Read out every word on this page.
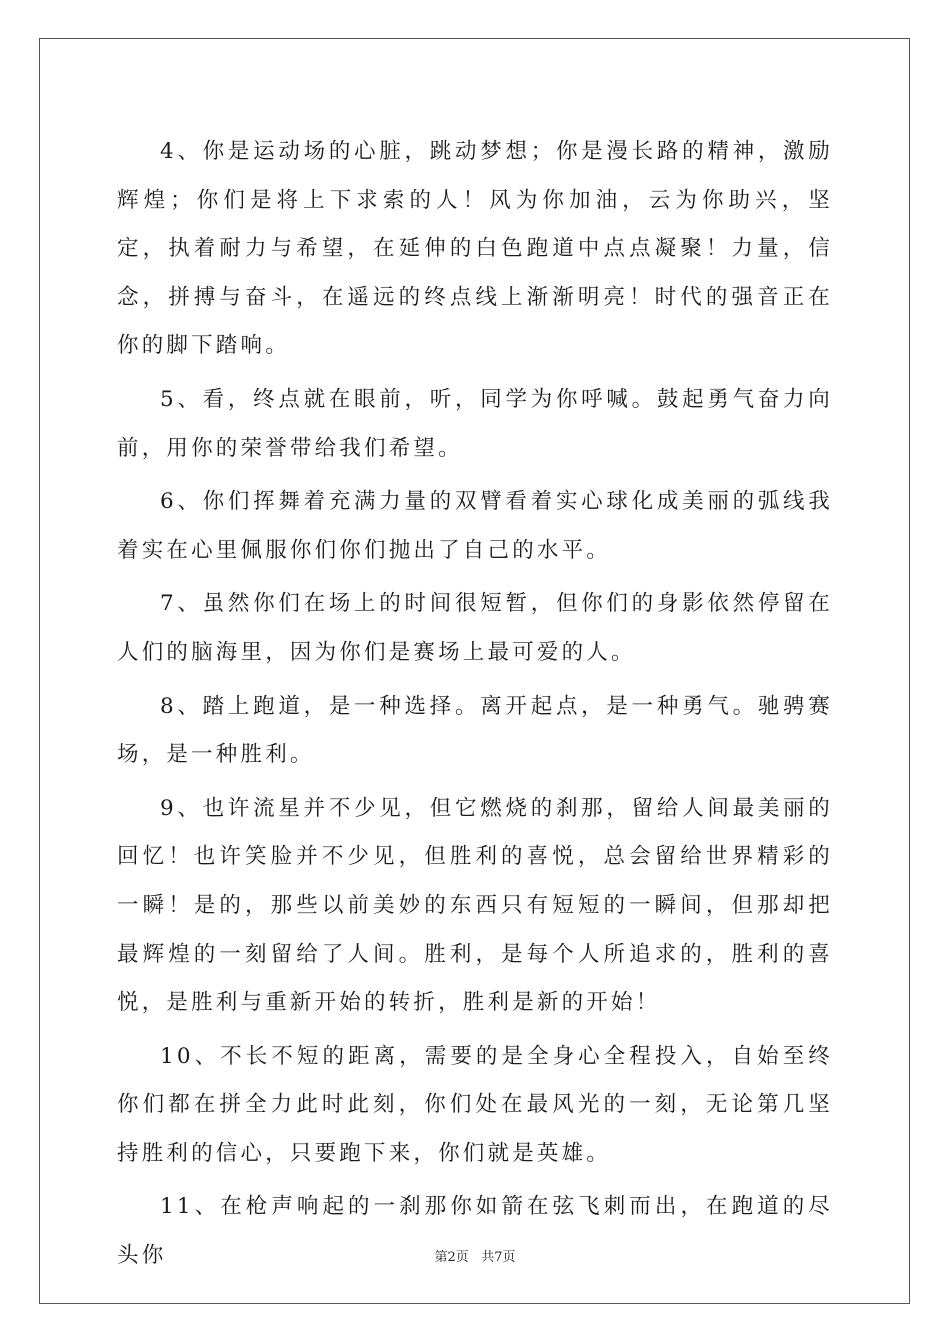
4、你是运动场的心脏，跳动梦想；你是漫长路的精神，激励辉煌；你们是将上下求索的人！风为你加油，云为你助兴，坚定，执着耐力与希望，在延伸的白色跑道中点点凝聚！力量，信念，拼搏与奋斗，在遥远的终点线上渐渐明亮！时代的强音正在你的脚下踏响。

5、看，终点就在眼前，听，同学为你呼喊。鼓起勇气奋力向前，用你的荣誉带给我们希望。

6、你们挥舞着充满力量的双臂看着实心球化成美丽的弧线我着实在心里佩服你们你们抛出了自己的水平。

7、虽然你们在场上的时间很短暂，但你们的身影依然停留在人们的脑海里，因为你们是赛场上最可爱的人。

8、踏上跑道，是一种选择。离开起点，是一种勇气。驰骋赛场，是一种胜利。

9、也许流星并不少见，但它燃烧的刹那，留给人间最美丽的回忆！也许笑脸并不少见，但胜利的喜悦，总会留给世界精彩的一瞬！是的，那些以前美妙的东西只有短短的一瞬间，但那却把最辉煌的一刻留给了人间。胜利，是每个人所追求的，胜利的喜悦，是胜利与重新开始的转折，胜利是新的开始！

10、不长不短的距离，需要的是全身心全程投入，自始至终你们都在拼全力此时此刻，你们处在最风光的一刻，无论第几坚持胜利的信心，只要跑下来，你们就是英雄。

11、在枪声响起的一刹那你如箭在弦飞刺而出，在跑道的尽头你	第2页 共7页
